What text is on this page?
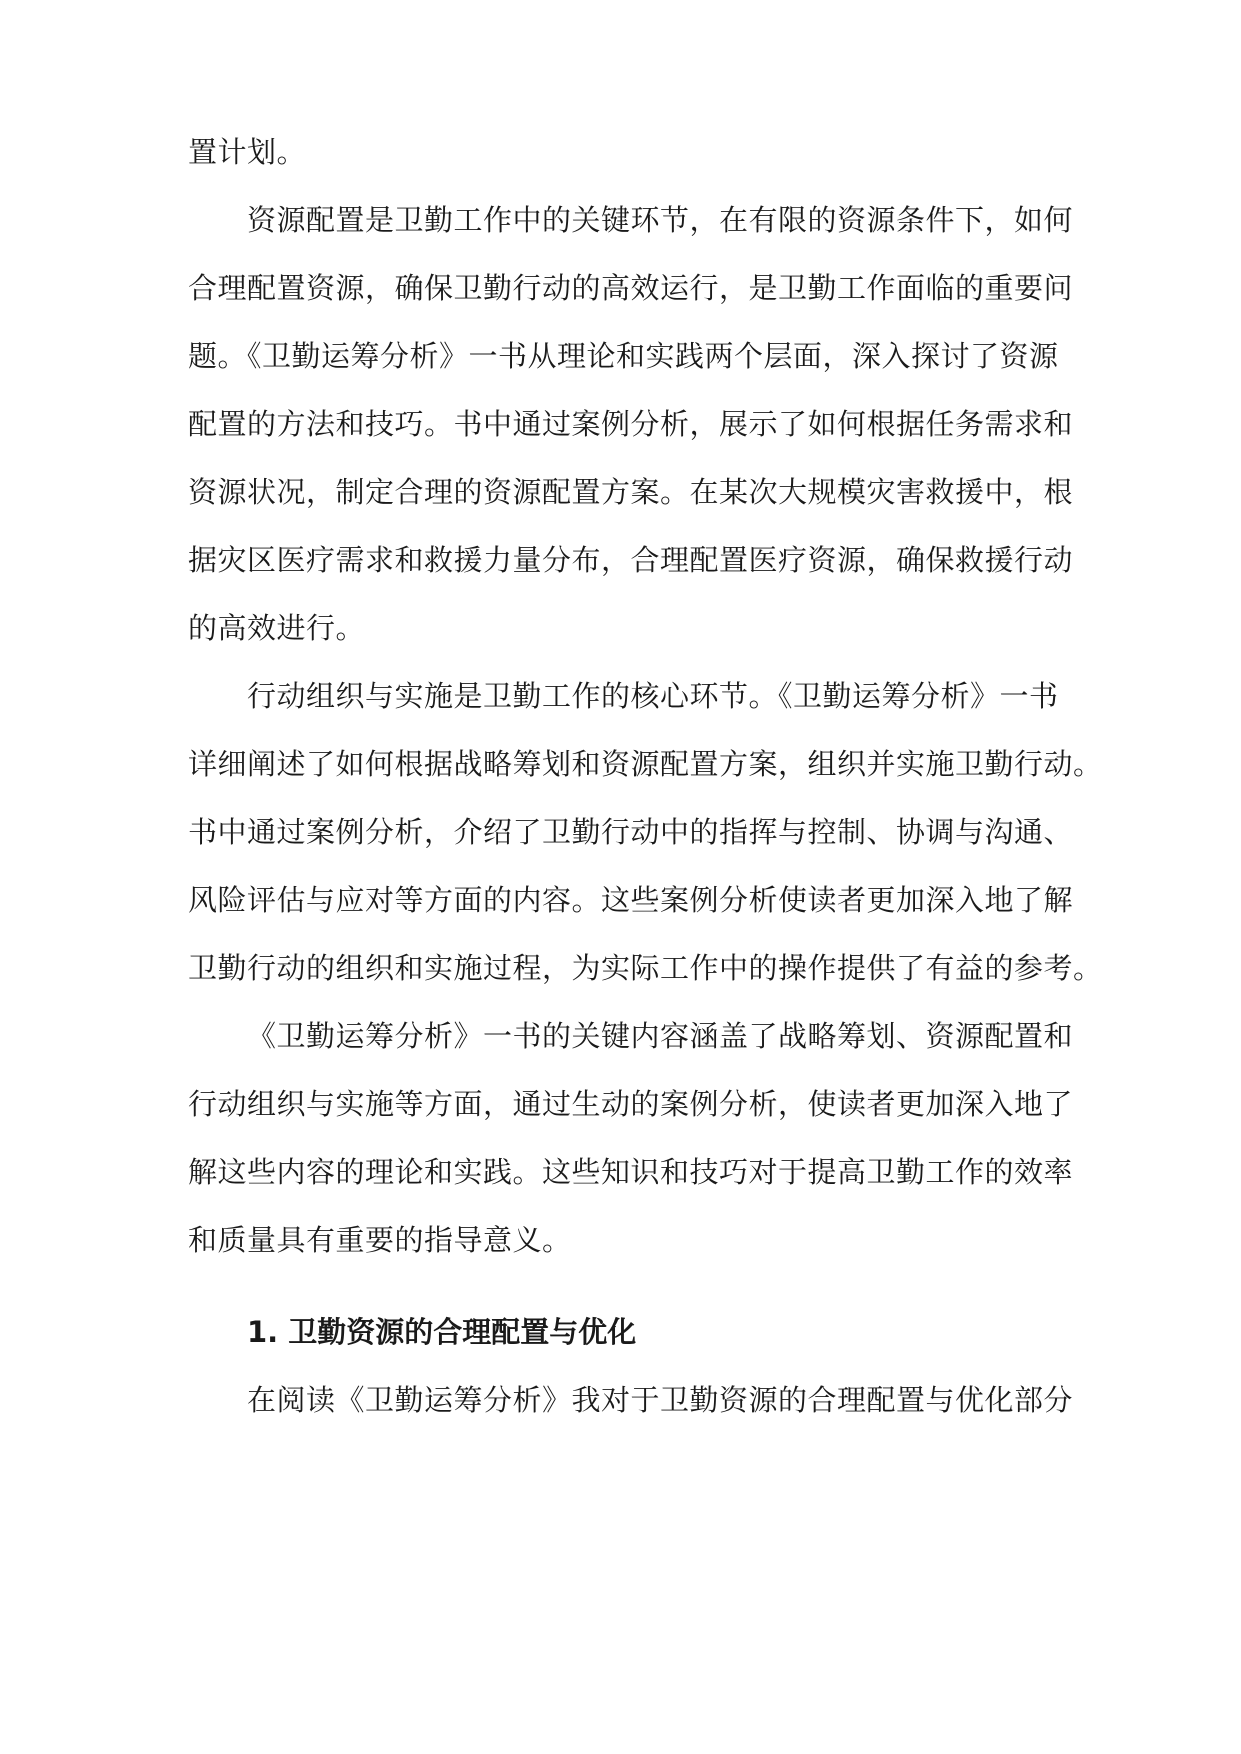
置计划。
资源配置是卫勤工作中的关键环节，在有限的资源条件下，如何
合理配置资源，确保卫勤行动的高效运行，是卫勤工作面临的重要问
题。《卫勤运筹分析》一书从理论和实践两个层面，深入探讨了资源
配置的方法和技巧。书中通过案例分析，展示了如何根据任务需求和
资源状况，制定合理的资源配置方案。在某次大规模灾害救援中，根
据灾区医疗需求和救援力量分布，合理配置医疗资源，确保救援行动
的高效进行。
行动组织与实施是卫勤工作的核心环节。《卫勤运筹分析》一书
详细阐述了如何根据战略筹划和资源配置方案，组织并实施卫勤行动。
书中通过案例分析，介绍了卫勤行动中的指挥与控制、协调与沟通、
风险评估与应对等方面的内容。这些案例分析使读者更加深入地了解
卫勤行动的组织和实施过程，为实际工作中的操作提供了有益的参考。
《卫勤运筹分析》一书的关键内容涵盖了战略筹划、资源配置和
行动组织与实施等方面，通过生动的案例分析，使读者更加深入地了
解这些内容的理论和实践。这些知识和技巧对于提高卫勤工作的效率
和质量具有重要的指导意义。
1. 卫勤资源的合理配置与优化
在阅读《卫勤运筹分析》我对于卫勤资源的合理配置与优化部分
